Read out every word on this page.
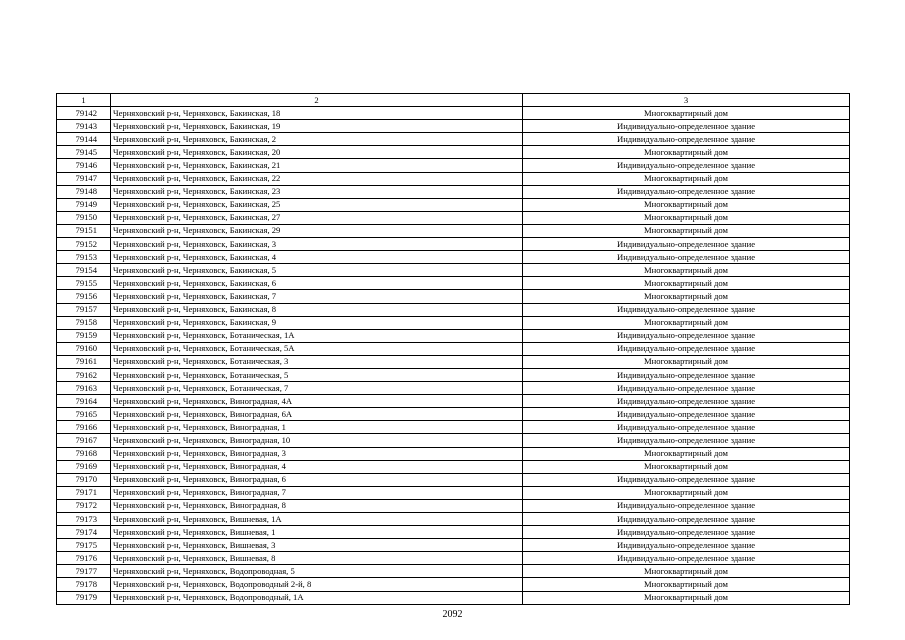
1	2	3
79142	Черняховский р-н, Черняховск, Бакинская, 18	Многоквартирный дом
79143	Черняховский р-н, Черняховск, Бакинская, 19	Индивидуально-определенное здание
79144	Черняховский р-н, Черняховск, Бакинская, 2	Индивидуально-определенное здание
79145	Черняховский р-н, Черняховск, Бакинская, 20	Многоквартирный дом
79146	Черняховский р-н, Черняховск, Бакинская, 21	Индивидуально-определенное здание
79147	Черняховский р-н, Черняховск, Бакинская, 22	Многоквартирный дом
79148	Черняховский р-н, Черняховск, Бакинская, 23	Индивидуально-определенное здание
79149	Черняховский р-н, Черняховск, Бакинская, 25	Многоквартирный дом
79150	Черняховский р-н, Черняховск, Бакинская, 27	Многоквартирный дом
79151	Черняховский р-н, Черняховск, Бакинская, 29	Многоквартирный дом
79152	Черняховский р-н, Черняховск, Бакинская, 3	Индивидуально-определенное здание
79153	Черняховский р-н, Черняховск, Бакинская, 4	Индивидуально-определенное здание
79154	Черняховский р-н, Черняховск, Бакинская, 5	Многоквартирный дом
79155	Черняховский р-н, Черняховск, Бакинская, 6	Многоквартирный дом
79156	Черняховский р-н, Черняховск, Бакинская, 7	Многоквартирный дом
79157	Черняховский р-н, Черняховск, Бакинская, 8	Индивидуально-определенное здание
79158	Черняховский р-н, Черняховск, Бакинская, 9	Многоквартирный дом
79159	Черняховский р-н, Черняховск, Ботаническая, 1А	Индивидуально-определенное здание
79160	Черняховский р-н, Черняховск, Ботаническая, 5А	Индивидуально-определенное здание
79161	Черняховский р-н, Черняховск, Ботаническая, 3	Многоквартирный дом
79162	Черняховский р-н, Черняховск, Ботаническая, 5	Индивидуально-определенное здание
79163	Черняховский р-н, Черняховск, Ботаническая, 7	Индивидуально-определенное здание
79164	Черняховский р-н, Черняховск, Виноградная, 4А	Индивидуально-определенное здание
79165	Черняховский р-н, Черняховск, Виноградная, 6А	Индивидуально-определенное здание
79166	Черняховский р-н, Черняховск, Виноградная, 1	Индивидуально-определенное здание
79167	Черняховский р-н, Черняховск, Виноградная, 10	Индивидуально-определенное здание
79168	Черняховский р-н, Черняховск, Виноградная, 3	Многоквартирный дом
79169	Черняховский р-н, Черняховск, Виноградная, 4	Многоквартирный дом
79170	Черняховский р-н, Черняховск, Виноградная, 6	Индивидуально-определенное здание
79171	Черняховский р-н, Черняховск, Виноградная, 7	Многоквартирный дом
79172	Черняховский р-н, Черняховск, Виноградная, 8	Индивидуально-определенное здание
79173	Черняховский р-н, Черняховск, Вишневая, 1А	Индивидуально-определенное здание
79174	Черняховский р-н, Черняховск, Вишневая, 1	Индивидуально-определенное здание
79175	Черняховский р-н, Черняховск, Вишневая, 3	Индивидуально-определенное здание
79176	Черняховский р-н, Черняховск, Вишневая, 8	Индивидуально-определенное здание
79177	Черняховский р-н, Черняховск, Водопроводная, 5	Многоквартирный дом
79178	Черняховский р-н, Черняховск, Водопроводный 2-й, 8	Многоквартирный дом
79179	Черняховский р-н, Черняховск, Водопроводный, 1А	Многоквартирный дом
2092
